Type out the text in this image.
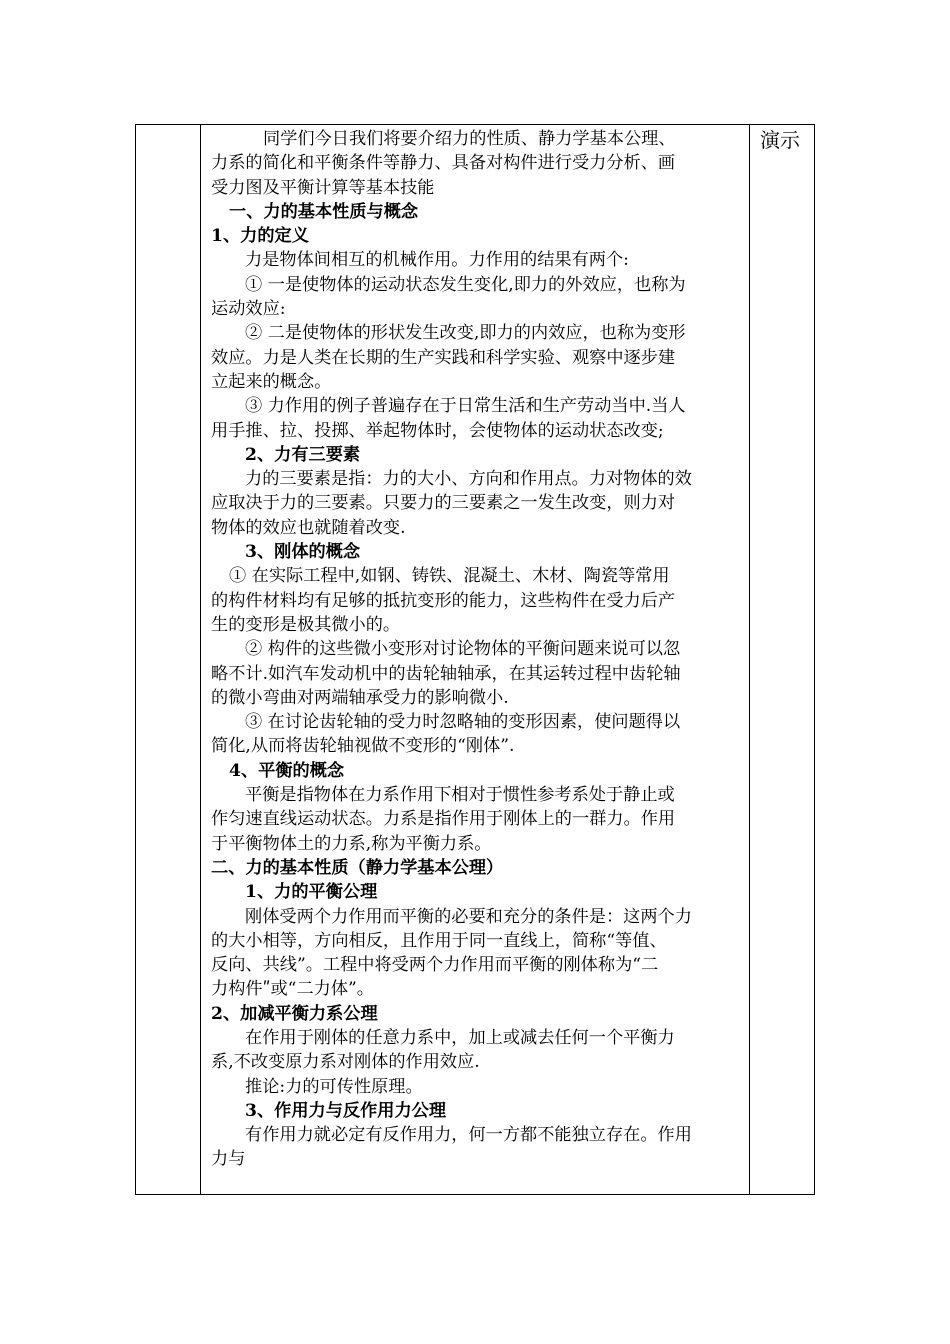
同学们今日我们将要介绍力的性质、静力学基本公理、
力系的简化和平衡条件等静力、具备对构件进行受力分析、画
受力图及平衡计算等基本技能
一、力的基本性质与概念
1、力的定义
力是物体间相互的机械作用。力作用的结果有两个:
① 一是使物体的运动状态发生变化,即力的外效应，也称为
运动效应:
② 二是使物体的形状发生改变,即力的内效应，也称为变形
效应。力是人类在长期的生产实践和科学实验、观察中逐步建
立起来的概念。
③ 力作用的例子普遍存在于日常生活和生产劳动当中.当人
用手推、拉、投掷、举起物体时，会使物体的运动状态改变;
2、力有三要素
力的三要素是指：力的大小、方向和作用点。力对物体的效
应取决于力的三要素。只要力的三要素之一发生改变，则力对
物体的效应也就随着改变.
3、刚体的概念
① 在实际工程中,如钢、铸铁、混凝土、木材、陶瓷等常用
的构件材料均有足够的抵抗变形的能力，这些构件在受力后产
生的变形是极其微小的。
② 构件的这些微小变形对讨论物体的平衡问题来说可以忽
略不计.如汽车发动机中的齿轮轴轴承，在其运转过程中齿轮轴
的微小弯曲对两端轴承受力的影响微小.
③ 在讨论齿轮轴的受力时忽略轴的变形因素，使问题得以
简化,从而将齿轮轴视做不变形的“刚体”.
4、平衡的概念
平衡是指物体在力系作用下相对于惯性参考系处于静止或
作匀速直线运动状态。力系是指作用于刚体上的一群力。作用
于平衡物体土的力系,称为平衡力系。
二、力的基本性质（静力学基本公理）
1、力的平衡公理
刚体受两个力作用而平衡的必要和充分的条件是：这两个力
的大小相等，方向相反，且作用于同一直线上，简称“等值、
反向、共线”。工程中将受两个力作用而平衡的刚体称为“二
力构件ʺ或“二力体”。
2、加减平衡力系公理
在作用于刚体的任意力系中，加上或减去任何一个平衡力
系,不改变原力系对刚体的作用效应.
推论:力的可传性原理。
3、作用力与反作用力公理
有作用力就必定有反作用力，何一方都不能独立存在。作用
力与
演示
